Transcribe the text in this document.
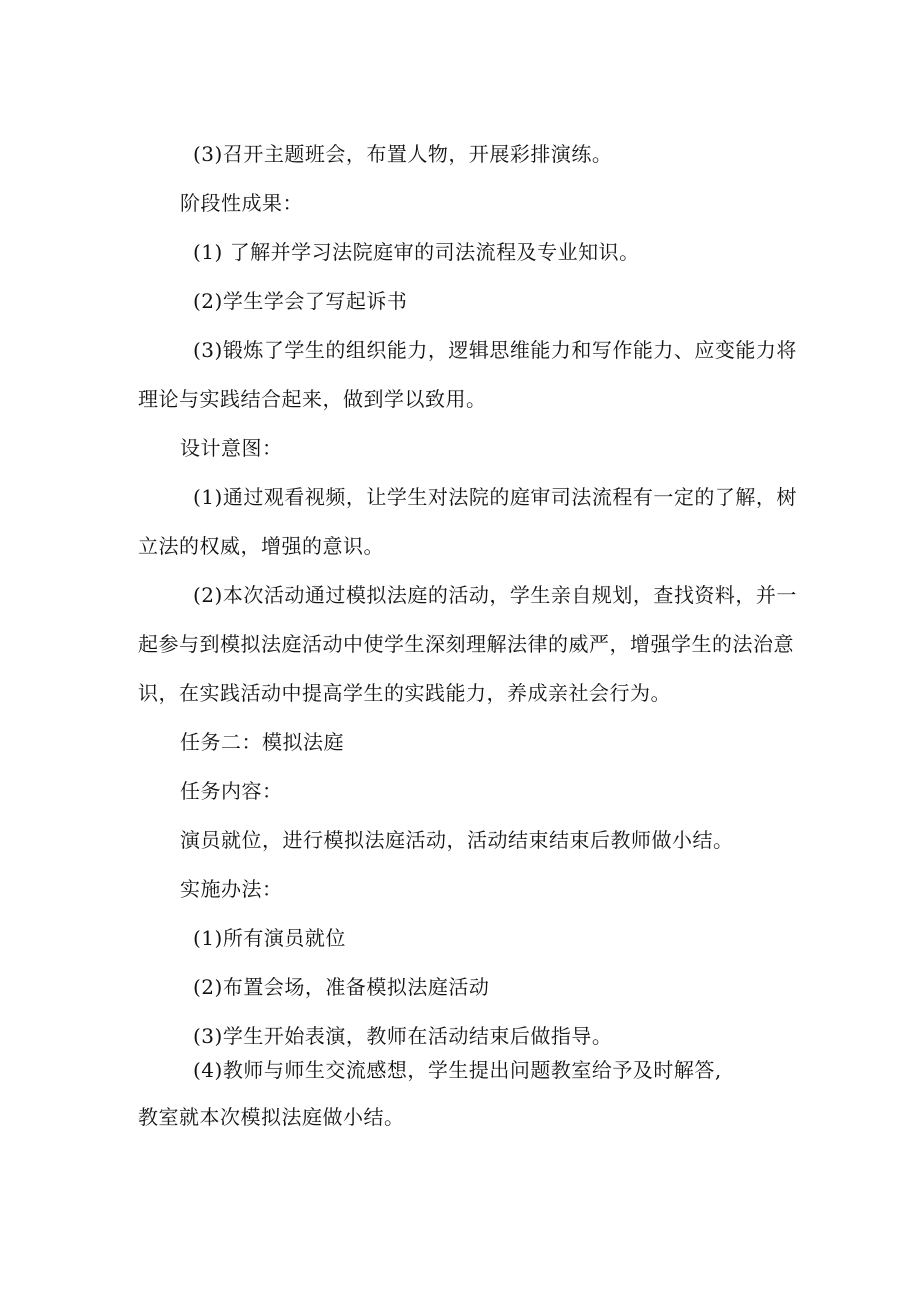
(3)召开主题班会，布置人物，开展彩排演练。

阶段性成果：

(1) 了解并学习法院庭审的司法流程及专业知识。

(2)学生学会了写起诉书

(3)锻炼了学生的组织能力，逻辑思维能力和写作能力、应变能力将

理论与实践结合起来，做到学以致用。

设计意图：

(1)通过观看视频，让学生对法院的庭审司法流程有一定的了解，树

立法的权威，增强的意识。

(2)本次活动通过模拟法庭的活动，学生亲自规划，查找资料，并一

起参与到模拟法庭活动中使学生深刻理解法律的威严，增强学生的法治意

识，在实践活动中提高学生的实践能力，养成亲社会行为。

任务二：模拟法庭

任务内容：

演员就位，进行模拟法庭活动，活动结束结束后教师做小结。

实施办法：

(1)所有演员就位

(2)布置会场，准备模拟法庭活动

(3)学生开始表演，教师在活动结束后做指导。

(4)教师与师生交流感想，学生提出问题教室给予及时解答,

教室就本次模拟法庭做小结。
